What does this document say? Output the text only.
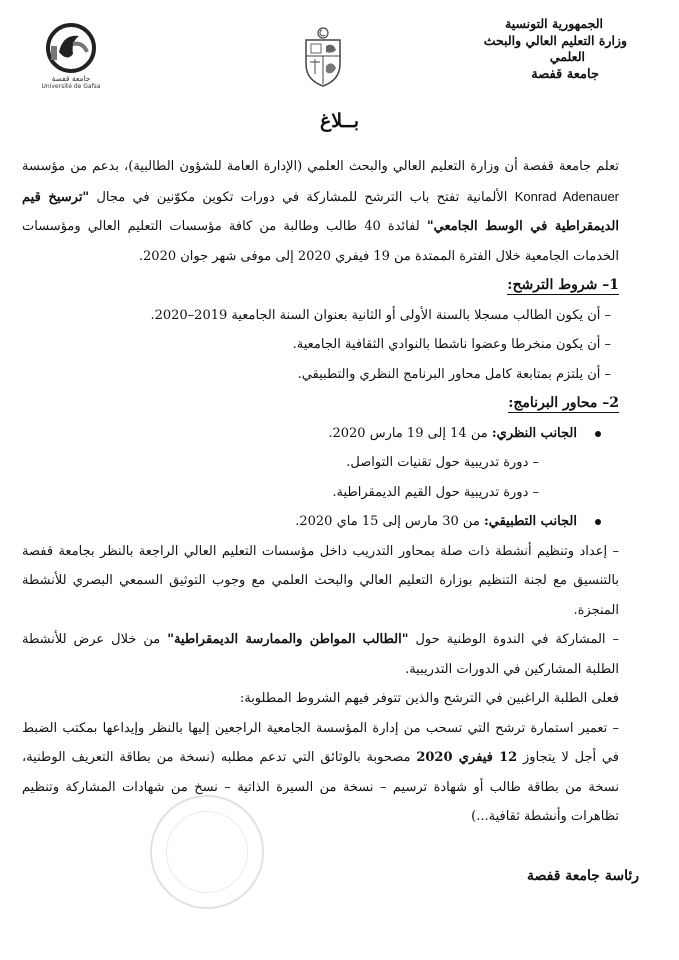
جامعة قفصة
Université de Gafsa
الجمهورية التونسية
وزارة التعليم العالي والبحث
العلمي
جامعة قفصة
بــلاغ

تعلم جامعة قفصة أن وزارة التعليم العالي والبحث العلمي (الإدارة العامة للشؤون الطالبية)، بدعم من مؤسسة Konrad Adenauer الألمانية تفتح باب الترشح للمشاركة في دورات تكوين مكوّنين في مجال "ترسيخ قيم الديمقراطية في الوسط الجامعي" لفائدة 40 طالب وطالبة من كافة مؤسسات التعليم العالي ومؤسسات الخدمات الجامعية خلال الفترة الممتدة من 19 فيفري 2020 إلى موفى شهر جوان 2020.

1– شروط الترشح:

– أن يكون الطالب مسجلا بالسنة الأولى أو الثانية بعنوان السنة الجامعية 2019–2020.

– أن يكون منخرطا وعضوا ناشطا بالنوادي الثقافية الجامعية.

– أن يلتزم بمتابعة كامل محاور البرنامج النظري والتطبيقي.

2– محاور البرنامج:

الجانب النظري: من 14 إلى 19 مارس 2020.

– دورة تدريبية حول تقنيات التواصل.

– دورة تدريبية حول القيم الديمقراطية.

الجانب التطبيقي: من 30 مارس إلى 15 ماي 2020.

– إعداد وتنظيم أنشطة ذات صلة بمحاور التدريب داخل مؤسسات التعليم العالي الراجعة بالنظر بجامعة قفصة بالتنسيق مع لجنة التنظيم بوزارة التعليم العالي والبحث العلمي مع وجوب التوثيق السمعي البصري للأنشطة المنجزة.

– المشاركة في الندوة الوطنية حول "الطالب المواطن والممارسة الديمقراطية" من خلال عرض للأنشطة الطلبة المشاركين في الدورات التدريبية.

فعلى الطلبة الراغبين في الترشح والذين تتوفر فيهم الشروط المطلوبة:

– تعمير استمارة ترشح التي تسحب من إدارة المؤسسة الجامعية الراجعين إليها بالنظر وإيداعها بمكتب الضبط في أجل لا يتجاوز 12 فيفري 2020 مصحوبة بالوثائق التي تدعم مطلبه (نسخة من بطاقة التعريف الوطنية، نسخة من بطاقة طالب أو شهادة ترسيم – نسخة من السيرة الذاتية – نسخ من شهادات المشاركة وتنظيم تظاهرات وأنشطة ثقافية...)

رئاسة جامعة قفصة
